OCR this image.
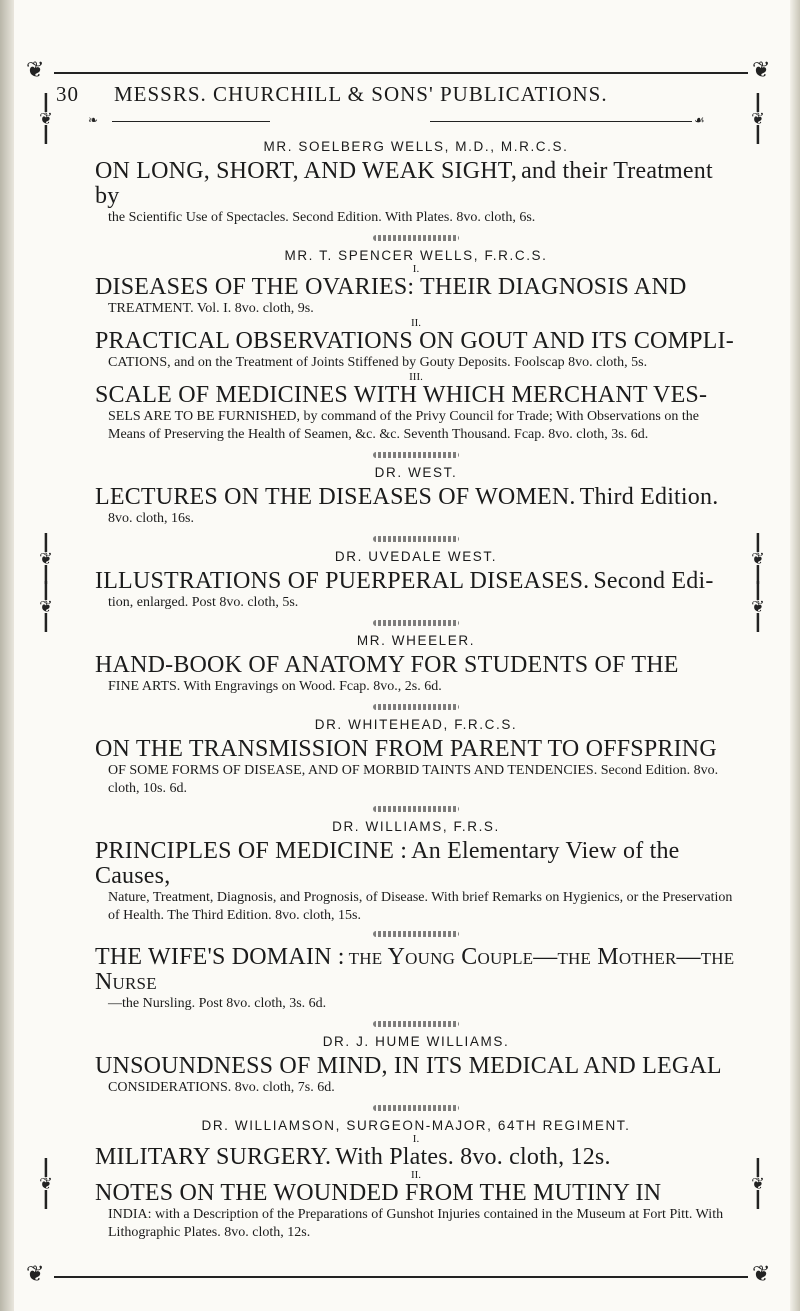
❦	❦
❦	❦
❧	☙
┃
❦
┃
┃
❦
┃
┃
❦
┃
┃
❦
┃
┃
❦
┃
┃
❦
┃
┃
❦
┃
┃
❦
┃
30 MESSRS. CHURCHILL & SONS' PUBLICATIONS.
MR. SOELBERG WELLS, M.D., M.R.C.S.
ON LONG, SHORT, AND WEAK SIGHT, and their Treatment by
the Scientific Use of Spectacles. Second Edition. With Plates. 8vo. cloth, 6s.
MR. T. SPENCER WELLS, F.R.C.S.

I.

DISEASES OF THE OVARIES: THEIR DIAGNOSIS AND
TREATMENT. Vol. I. 8vo. cloth, 9s.

II.

PRACTICAL OBSERVATIONS ON GOUT AND ITS COMPLI-
CATIONS, and on the Treatment of Joints Stiffened by Gouty Deposits. Foolscap 8vo. cloth, 5s.

III.

SCALE OF MEDICINES WITH WHICH MERCHANT VES-
SELS ARE TO BE FURNISHED, by command of the Privy Council for Trade; With Observations on the Means of Preserving the Health of Seamen, &c. &c. Seventh Thousand. Fcap. 8vo. cloth, 3s. 6d.
DR. WEST.
LECTURES ON THE DISEASES OF WOMEN. Third Edition.
8vo. cloth, 16s.
DR. UVEDALE WEST.
ILLUSTRATIONS OF PUERPERAL DISEASES. Second Edi-
tion, enlarged. Post 8vo. cloth, 5s.
MR. WHEELER.
HAND-BOOK OF ANATOMY FOR STUDENTS OF THE
FINE ARTS. With Engravings on Wood. Fcap. 8vo., 2s. 6d.
DR. WHITEHEAD, F.R.C.S.
ON THE TRANSMISSION FROM PARENT TO OFFSPRING
OF SOME FORMS OF DISEASE, AND OF MORBID TAINTS AND TENDENCIES. Second Edition. 8vo. cloth, 10s. 6d.
DR. WILLIAMS, F.R.S.
PRINCIPLES OF MEDICINE : An Elementary View of the Causes,
Nature, Treatment, Diagnosis, and Prognosis, of Disease. With brief Remarks on Hygienics, or the Preservation of Health. The Third Edition. 8vo. cloth, 15s.
THE WIFE'S DOMAIN : the Young Couple—the Mother—the Nurse
—the Nursling. Post 8vo. cloth, 3s. 6d.
DR. J. HUME WILLIAMS.
UNSOUNDNESS OF MIND, IN ITS MEDICAL AND LEGAL
CONSIDERATIONS. 8vo. cloth, 7s. 6d.
DR. WILLIAMSON, SURGEON-MAJOR, 64TH REGIMENT.

I.

MILITARY SURGERY. With Plates. 8vo. cloth, 12s.

II.

NOTES ON THE WOUNDED FROM THE MUTINY IN
INDIA: with a Description of the Preparations of Gunshot Injuries contained in the Museum at Fort Pitt. With Lithographic Plates. 8vo. cloth, 12s.
